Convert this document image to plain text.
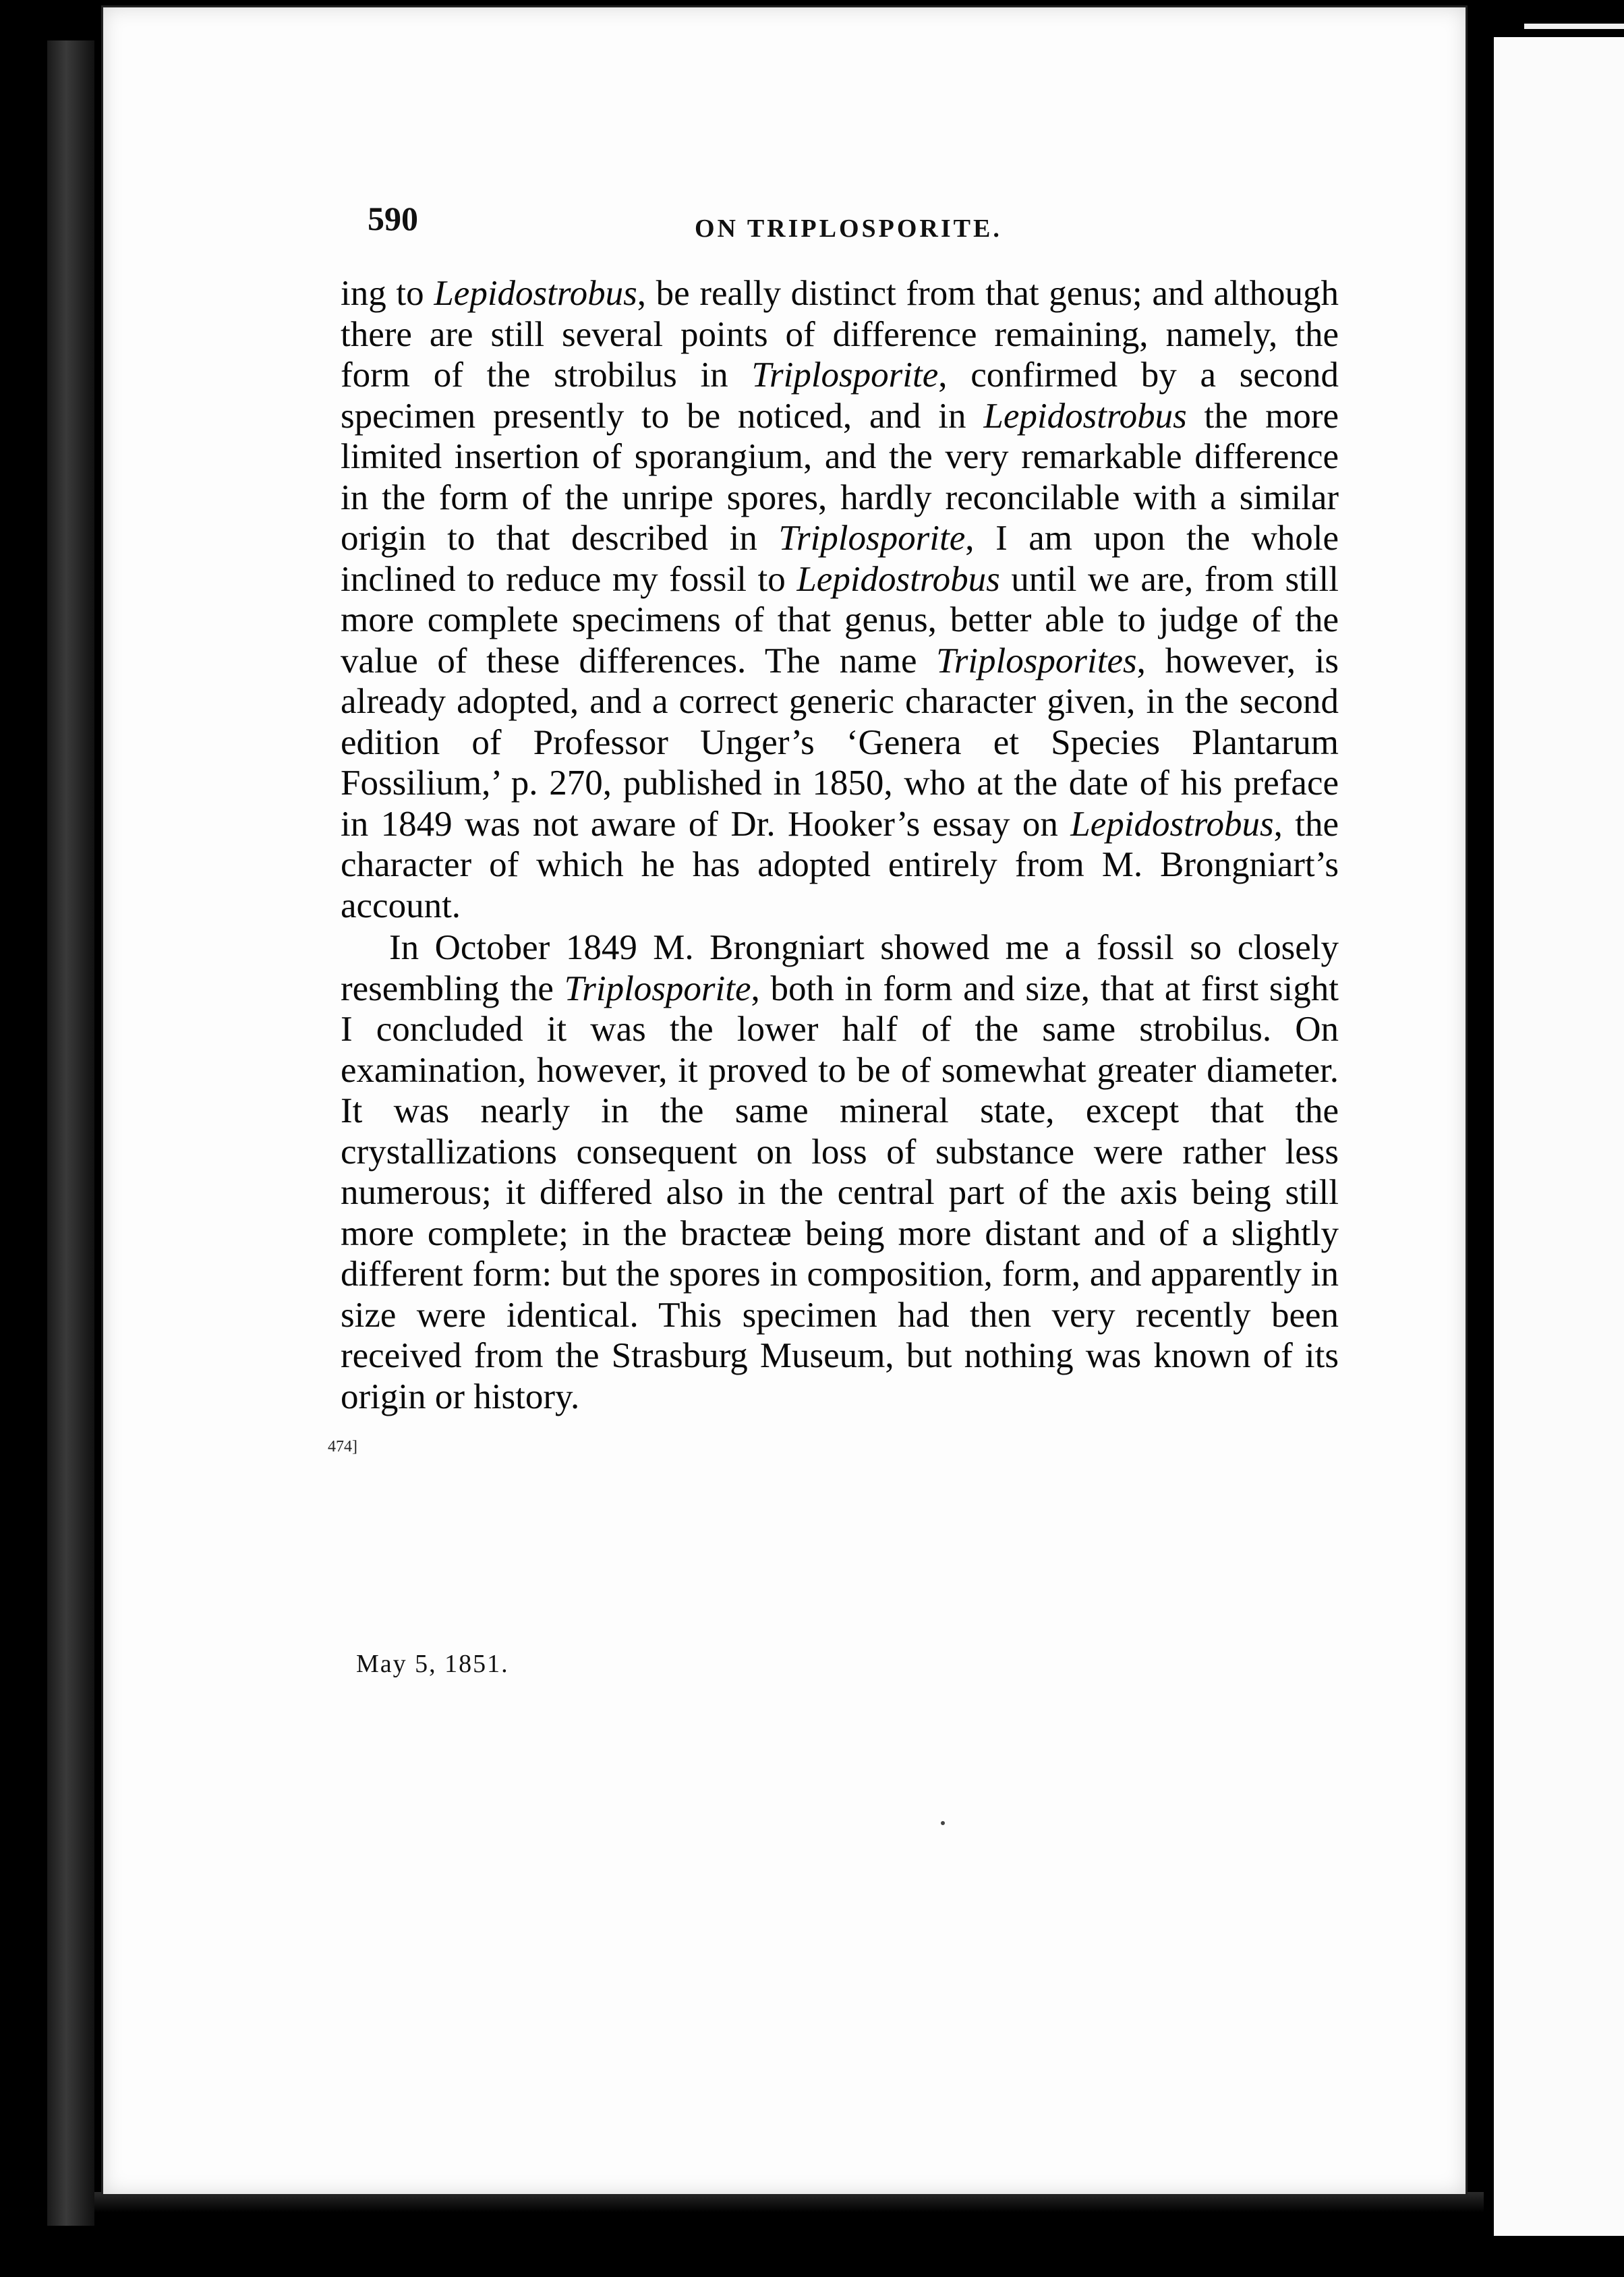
590	ON TRIPLOSPORITE.

ing to Lepidostrobus, be really distinct from that genus; and although there are still several points of difference remaining, namely, the form of the strobilus in Triplosporite, confirmed by a second specimen presently to be noticed, and in Lepidostrobus the more limited insertion of sporangium, and the very remarkable difference in the form of the unripe spores, hardly reconcilable with a similar origin to that described in Triplosporite, I am upon the whole inclined to reduce my fossil to Lepidostrobus until we are, from still more complete specimens of that genus, better able to judge of the value of these differences. The name Triplosporites, however, is already adopted, and a correct generic character given, in the second edition of Professor Unger’s ‘Genera et Species Plantarum Fossilium,’ p. 270, published in 1850, who at the date of his preface in 1849 was not aware of Dr. Hooker’s essay on Lepidostrobus, the character of which he has adopted entirely from M. Brongniart’s account.

In October 1849 M. Brongniart showed me a fossil so closely resembling the Triplosporite, both in form and size, that at first sight I concluded it was the lower half of the same strobilus. On examination, however, it proved to be of somewhat greater diameter. It was nearly in the same mineral state, except that the crystallizations consequent on loss of substance were rather less numerous; it differed also in the central part of the axis being still more complete; in the bracteæ being more distant and of a slightly different form: but the spores in composition, form, and apparently in size were identical. This specimen had then very recently been received from the Strasburg Museum, but nothing was known of its origin or history.

474]
May 5, 1851.
